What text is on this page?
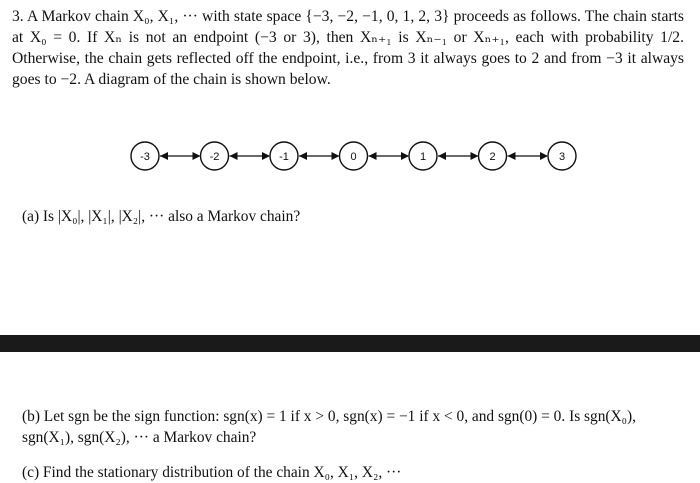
3. A Markov chain X₀, X₁, ··· with state space {−3, −2, −1, 0, 1, 2, 3} proceeds as follows. The chain starts at X₀ = 0. If Xₙ is not an endpoint (−3 or 3), then Xₙ₊₁ is Xₙ₋₁ or Xₙ₊₁, each with probability 1/2. Otherwise, the chain gets reflected off the endpoint, i.e., from 3 it always goes to 2 and from −3 it always goes to −2. A diagram of the chain is shown below.

-3	-2	-1	0	1	2	3

(a) Is |X₀|, |X₁|, |X₂|, ··· also a Markov chain?

(b) Let sgn be the sign function: sgn(x) = 1 if x > 0, sgn(x) = −1 if x < 0, and sgn(0) = 0. Is sgn(X₀), sgn(X₁), sgn(X₂), ··· a Markov chain?

(c) Find the stationary distribution of the chain X₀, X₁, X₂, ···
